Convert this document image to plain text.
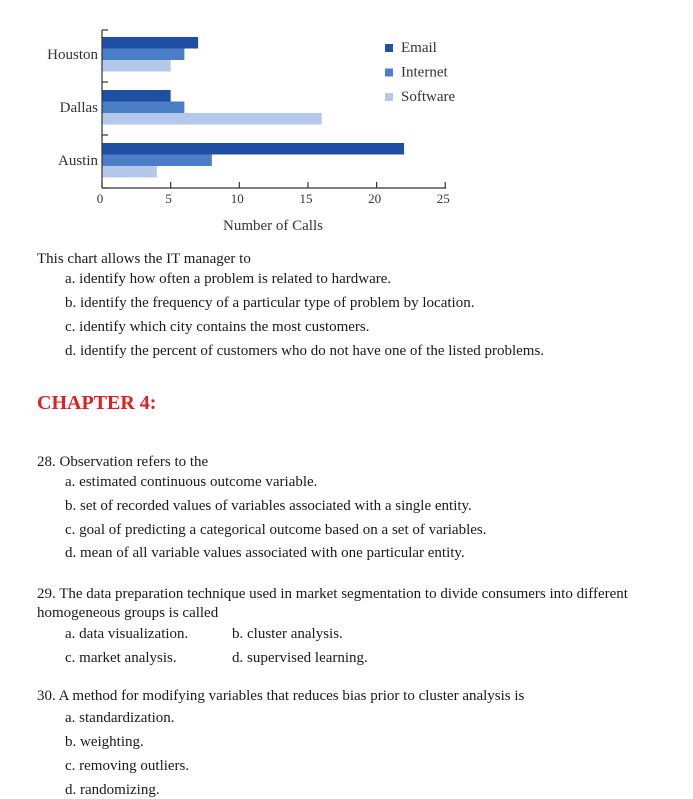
Houston
Dallas
Austin
0	5	10	15	20	25
Number of Calls
Email
Internet
Software
This chart allows the IT manager to
a. identify how often a problem is related to hardware.
b. identify the frequency of a particular type of problem by location.
c. identify which city contains the most customers.
d. identify the percent of customers who do not have one of the listed problems.
CHAPTER 4:
28. Observation refers to the
a. estimated continuous outcome variable.
b. set of recorded values of variables associated with a single entity.
c. goal of predicting a categorical outcome based on a set of variables.
d. mean of all variable values associated with one particular entity.
29. The data preparation technique used in market segmentation to divide consumers into different
homogeneous groups is called
a. data visualization.	b. cluster analysis.
c. market analysis.	d. supervised learning.
30. A method for modifying variables that reduces bias prior to cluster analysis is
a. standardization.
b. weighting.
c. removing outliers.
d. randomizing.
